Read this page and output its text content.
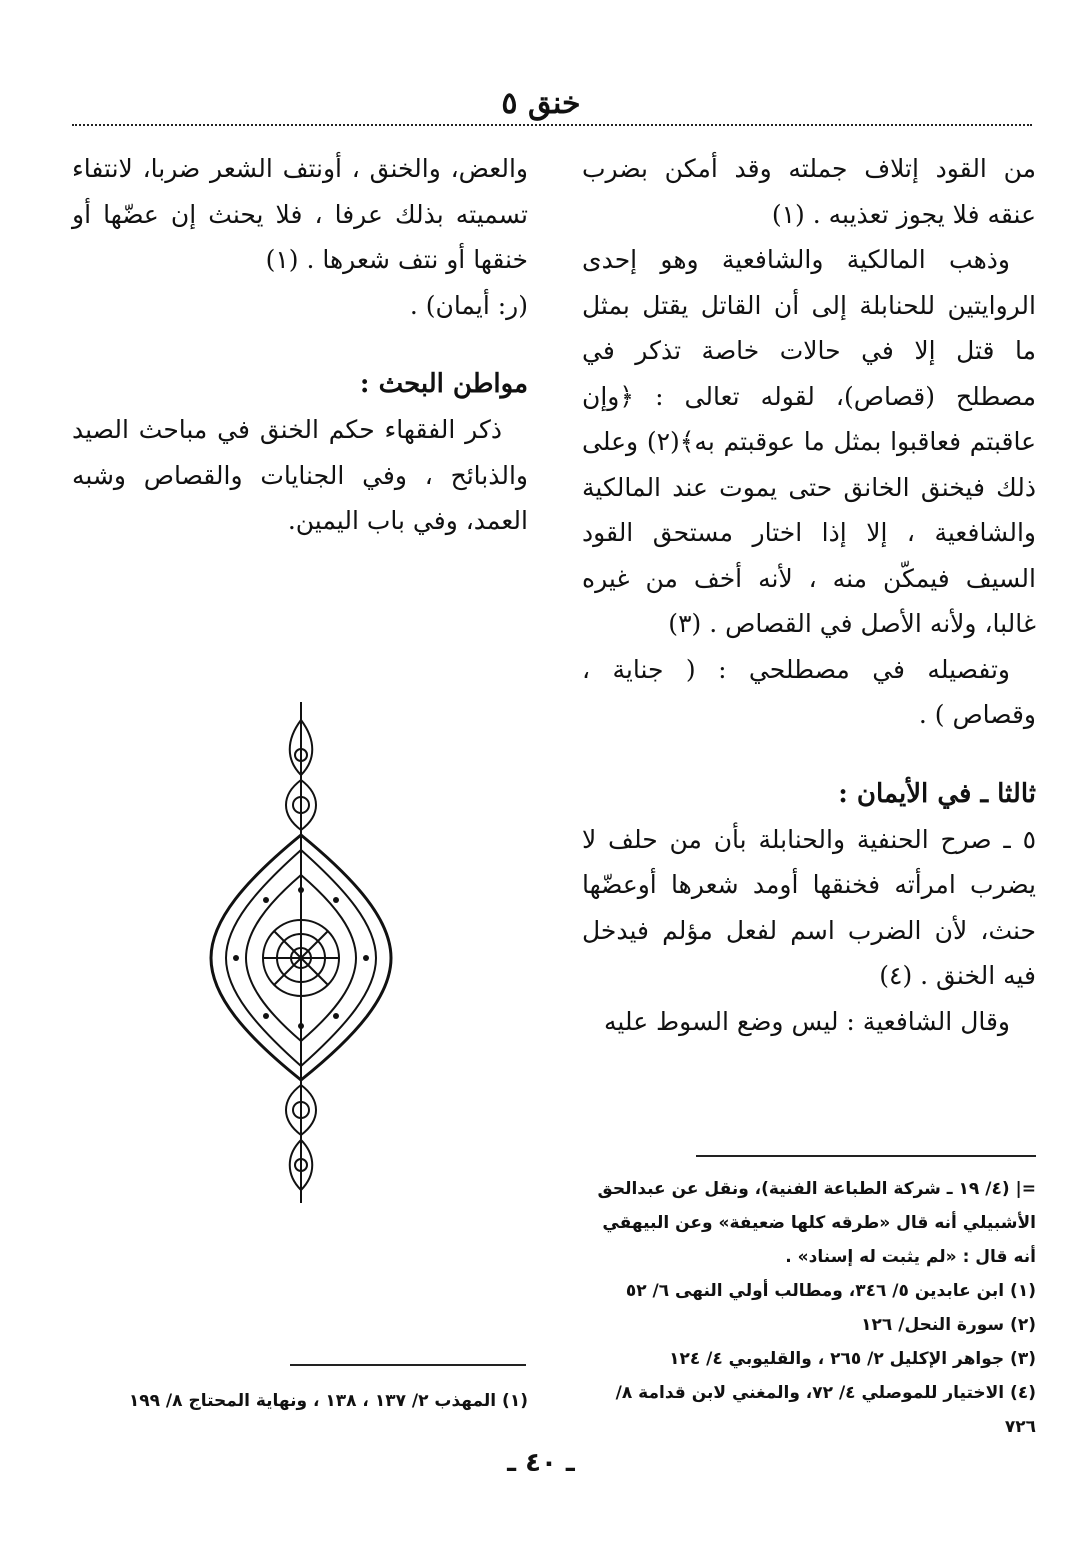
خنق ٥

من القود إتلاف جملته وقد أمكن بضرب عنقه فلا يجوز تعذيبه . (١)

وذهب المالكية والشافعية وهو إحدى الروايتين للحنابلة إلى أن القاتل يقتل بمثل ما قتل إلا في حالات خاصة تذكر في مصطلح (قصاص)، لقوله تعالى : ﴿وإن عاقبتم فعاقبوا بمثل ما عوقبتم به﴾(٢) وعلى ذلك فيخنق الخانق حتى يموت عند المالكية والشافعية ، إلا إذا اختار مستحق القود السيف فيمكّن منه ، لأنه أخف من غيره غالبا، ولأنه الأصل في القصاص . (٣)

وتفصيله في مصطلحي : ( جناية ، وقصاص ) .

ثالثا ـ في الأيمان :

٥ ـ صرح الحنفية والحنابلة بأن من حلف لا يضرب امرأته فخنقها أومد شعرها أوعضّها حنث، لأن الضرب اسم لفعل مؤلم فيدخل فيه الخنق . (٤)

وقال الشافعية : ليس وضع السوط عليه

والعض، والخنق ، أونتف الشعر ضربا، لانتفاء تسميته بذلك عرفا ، فلا يحنث إن عضّها أو خنقها أو نتف شعرها . (١)

(ر: أيمان) .

مواطن البحث :

ذكر الفقهاء حكم الخنق في مباحث الصيد والذبائح ، وفي الجنايات والقصاص وشبه العمد، وفي باب اليمين.

=| (٤/ ١٩ ـ شركة الطباعة الفنية)، ونقل عن عبدالحق الأشبيلي أنه قال «طرقه كلها ضعيفة» وعن البيهقي أنه قال : «لم يثبت له إسناد» .

(١) ابن عابدين ٥/ ٣٤٦، ومطالب أولي النهى ٦/ ٥٢

(٢) سورة النحل/ ١٢٦

(٣) جواهر الإكليل ٢/ ٢٦٥ ، والقليوبي ٤/ ١٢٤

(٤) الاختيار للموصلي ٤/ ٧٢، والمغني لابن قدامة ٨/ ٧٢٦

(١) المهذب ٢/ ١٣٧ ، ١٣٨ ، ونهاية المحتاج ٨/ ١٩٩

ـ ٤٠ ـ
